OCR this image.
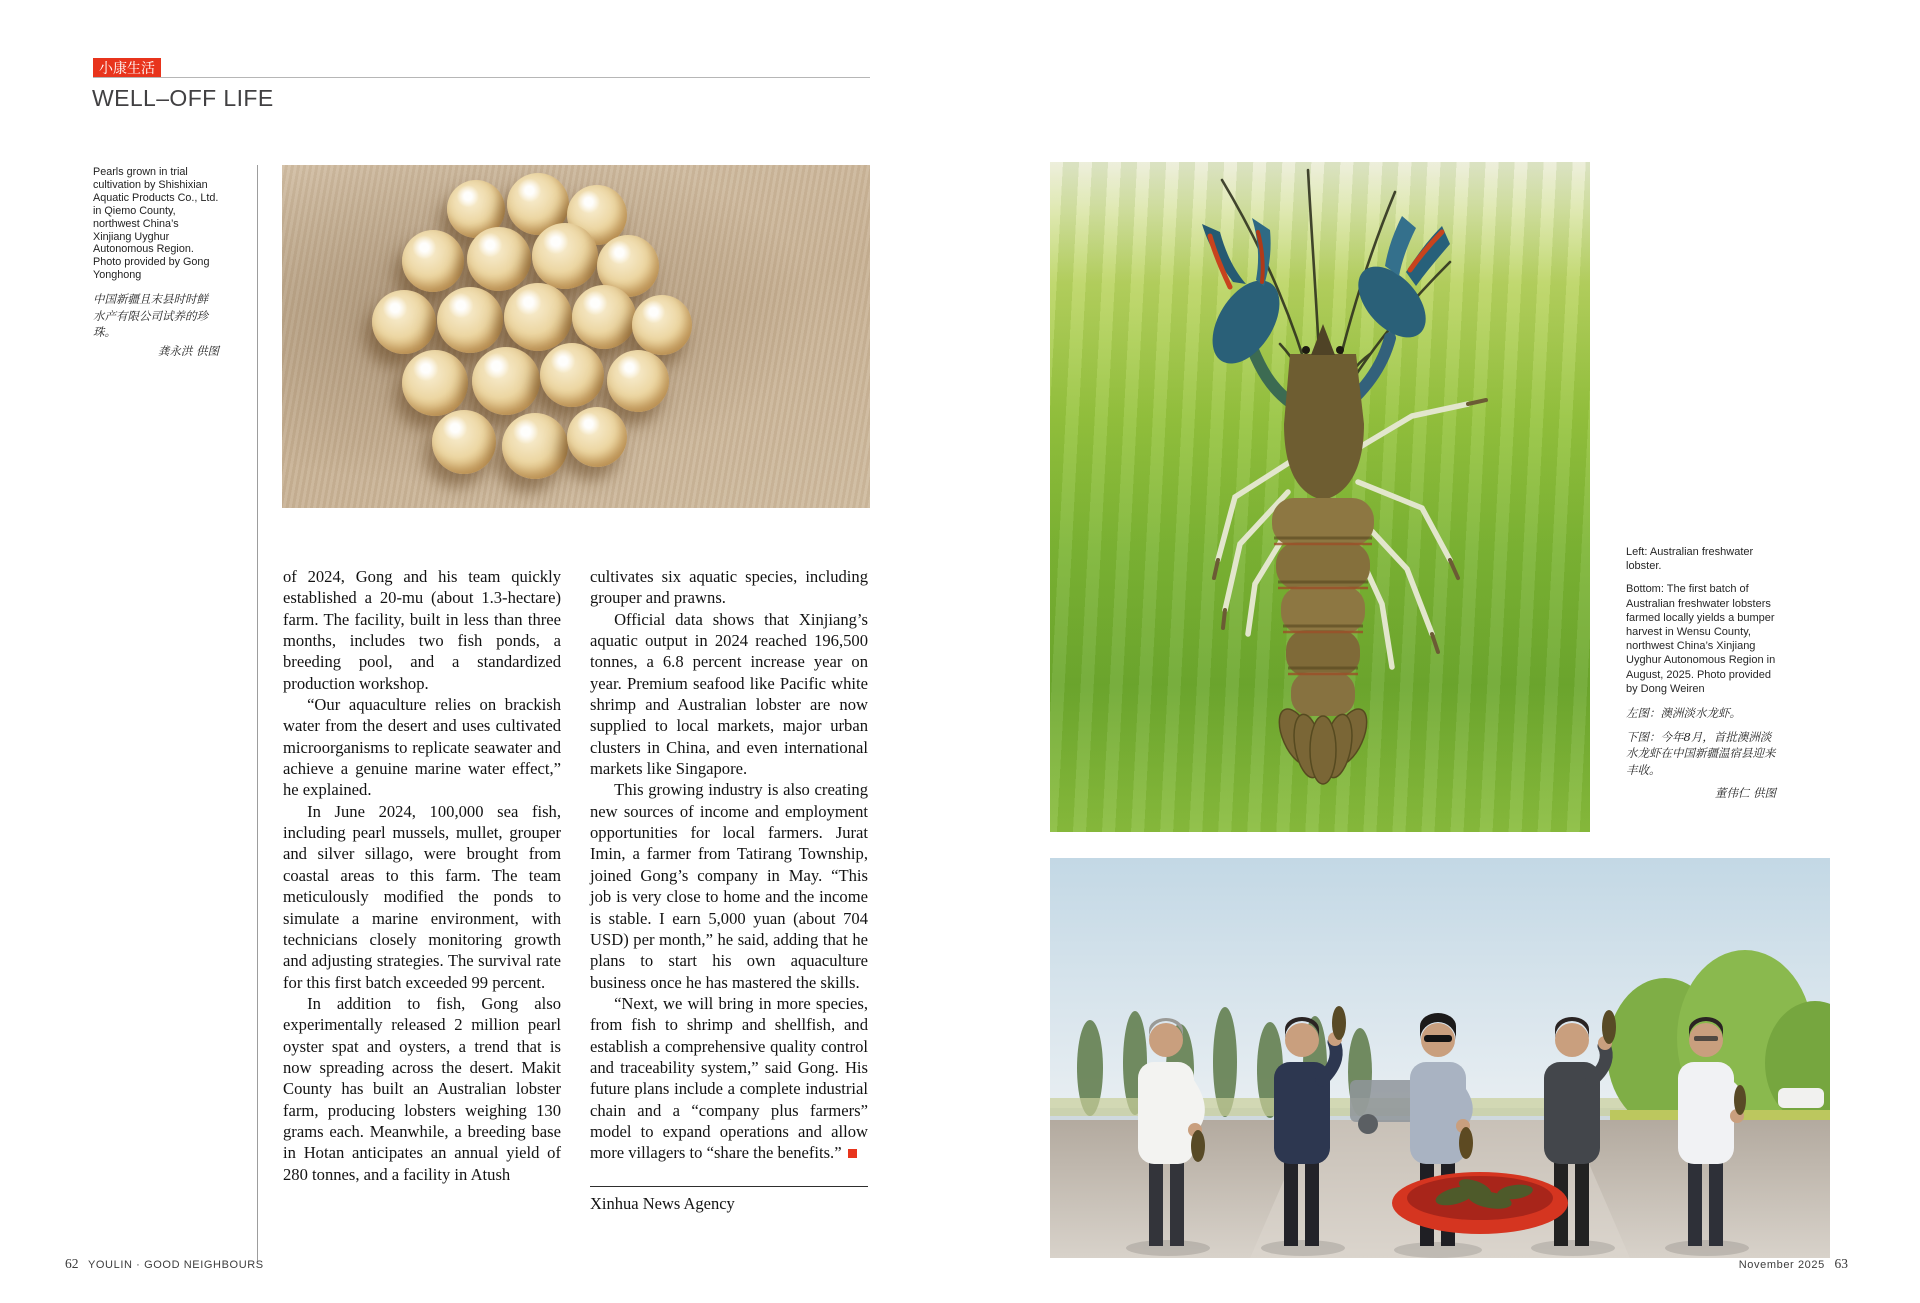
小康生活
WELL–OFF LIFE

Pearls grown in trial cultivation by Shishixian Aquatic Products Co., Ltd. in Qiemo County, northwest China’s Xinjiang Uyghur Autonomous Region. Photo provided by Gong Yonghong

中国新疆且末县时时鲜水产有限公司试养的珍珠。

龚永洪 供图

of 2024, Gong and his team quickly established a 20-mu (about 1.3-hectare) farm. The facility, built in less than three months, includes two fish ponds, a breeding pool, and a standardized production workshop.

“Our aquaculture relies on brackish water from the desert and uses cultivated microorganisms to replicate seawater and achieve a genuine marine water effect,” he explained.

In June 2024, 100,000 sea fish, including pearl mussels, mullet, grouper and silver sillago, were brought from coastal areas to this farm. The team meticulously modified the ponds to simulate a marine environment, with technicians closely monitoring growth and adjusting strategies. The survival rate for this first batch exceeded 99 percent.

In addition to fish, Gong also experimentally released 2 million pearl oyster spat and oysters, a trend that is now spreading across the desert. Makit County has built an Australian lobster farm, producing lobsters weighing 130 grams each. Meanwhile, a breeding base in Hotan anticipates an annual yield of 280 tonnes, and a facility in Atush

cultivates six aquatic species, including grouper and prawns.

Official data shows that Xinjiang’s aquatic output in 2024 reached 196,500 tonnes, a 6.8 percent increase year on year. Premium seafood like Pacific white shrimp and Australian lobster are now supplied to local markets, major urban clusters in China, and even international markets like Singapore.

This growing industry is also creating new sources of income and employment opportunities for local farmers. Jurat Imin, a farmer from Tatirang Township, joined Gong’s company in May. “This job is very close to home and the income is stable. I earn 5,000 yuan (about 704 USD) per month,” he said, adding that he plans to start his own aquaculture business once he has mastered the skills.

“Next, we will bring in more species, from fish to shrimp and shellfish, and establish a comprehensive quality control and traceability system,” said Gong. His future plans include a complete industrial chain and a “company plus farmers” model to expand operations and allow more villagers to “share the benefits.”

Xinhua News Agency

Left: Australian freshwater lobster.

Bottom: The first batch of Australian freshwater lobsters farmed locally yields a bumper harvest in Wensu County, northwest China’s Xinjiang Uyghur Autonomous Region in August, 2025. Photo provided by Dong Weiren

左图：澳洲淡水龙虾。

下图：今年8月，首批澳洲淡水龙虾在中国新疆温宿县迎来丰收。

董伟仁 供图

62 YOULIN · GOOD NEIGHBOURS	November 2025 63
